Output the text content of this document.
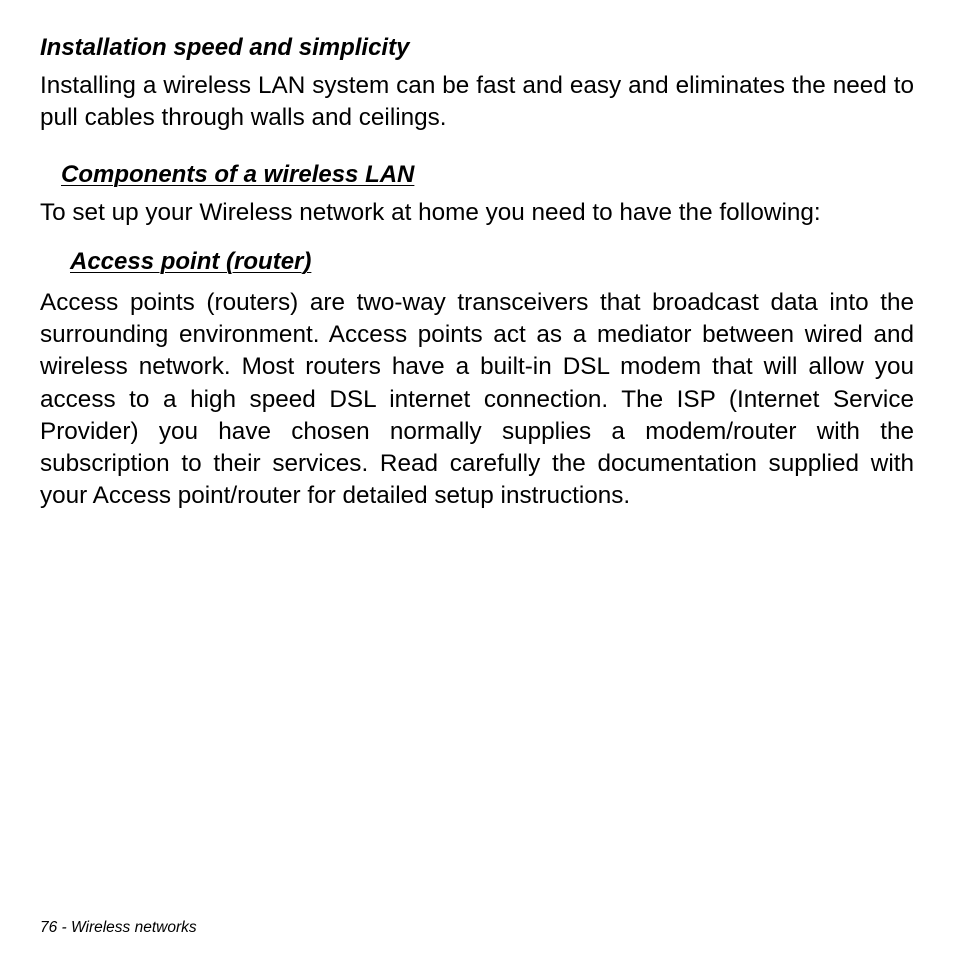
Installation speed and simplicity

Installing a wireless LAN system can be fast and easy and eliminates the need to pull cables through walls and ceilings.

Components of a wireless LAN

To set up your Wireless network at home you need to have the following:

Access point (router)

Access points (routers) are two-way transceivers that broadcast data into the surrounding environment. Access points act as a mediator between wired and wireless network. Most routers have a built-in DSL modem that will allow you access to a high speed DSL internet connection. The ISP (Internet Service Provider) you have chosen normally supplies a modem/router with the subscription to their services. Read carefully the documentation supplied with your Access point/router for detailed setup instructions.

76 - Wireless networks
